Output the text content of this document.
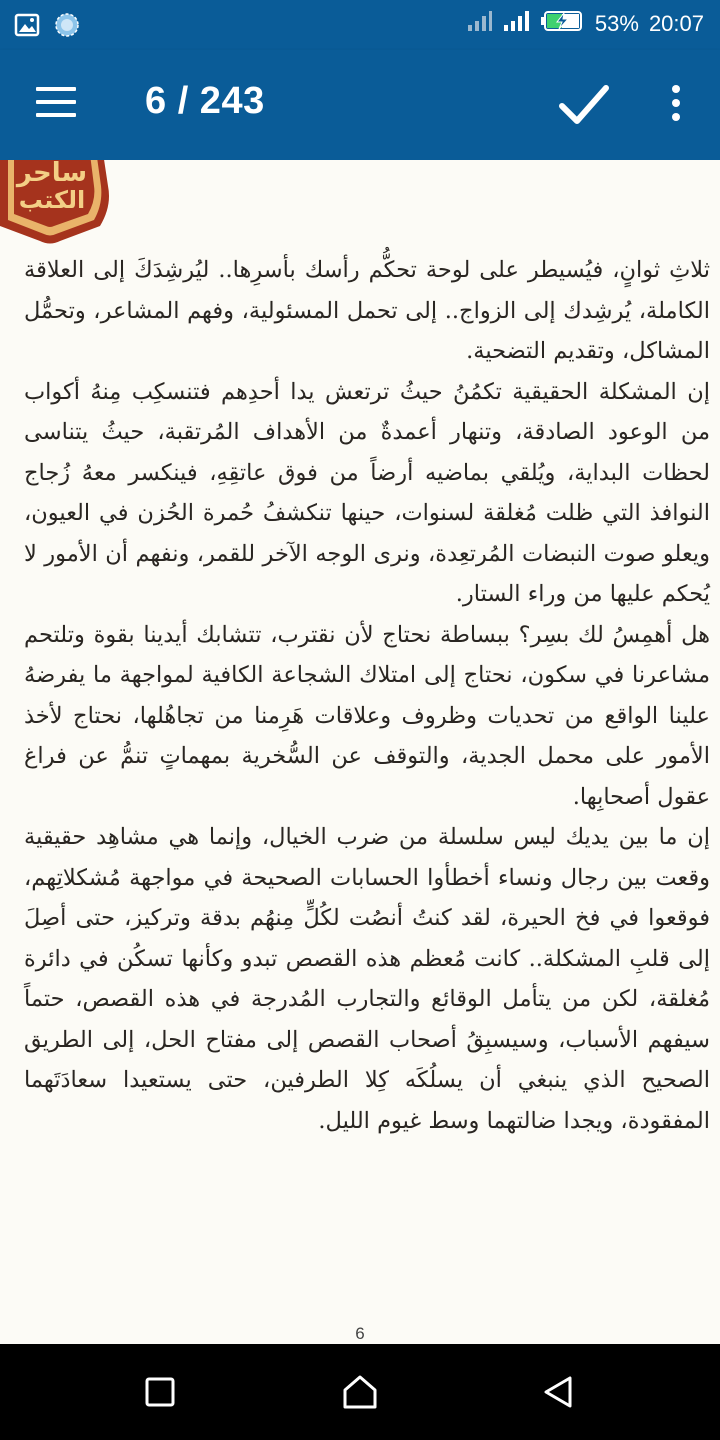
53% 20:07
6 / 243
ساحر
الكتب

ثلاثِ ثوانٍ، فيُسيطر على لوحة تحكُّم رأسك بأسرِها.. ليُرشِدَكَ إلى العلاقة الكاملة، يُرشِدك إلى الزواج.. إلى تحمل المسئولية، وفهم المشاعر، وتحمُّل المشاكل، وتقديم التضحية.

إن المشكلة الحقيقية تكمُنُ حيثُ ترتعش يدا أحدِهم فتنسكِب مِنهُ أكواب من الوعود الصادقة، وتنهار أعمدةٌ من الأهداف المُرتقبة، حيثُ يتناسى لحظات البداية، ويُلقي بماضيه أرضاً من فوق عاتقِهِ، فينكسر معهُ زُجاج النوافذ التي ظلت مُغلقة لسنوات، حينها تنكشفُ حُمرة الحُزن في العيون، ويعلو صوت النبضات المُرتعِدة، ونرى الوجه الآخر للقمر، ونفهم أن الأمور لا يُحكم عليها من وراء الستار.

هل أهمِسُ لك بسِر؟ ببساطة نحتاج لأن نقترب، تتشابك أيدينا بقوة وتلتحم مشاعرنا في سكون، نحتاج إلى امتلاك الشجاعة الكافية لمواجهة ما يفرضهُ علينا الواقع من تحديات وظروف وعلاقات هَرِمنا من تجاهُلها، نحتاج لأخذ الأمور على محمل الجدية، والتوقف عن السُّخرية بمهماتٍ تنمُّ عن فراغ عقول أصحابِها.

إن ما بين يديك ليس سلسلة من ضرب الخيال، وإنما هي مشاهِد حقيقية وقعت بين رجال ونساء أخطأوا الحسابات الصحيحة في مواجهة مُشكلاتِهم، فوقعوا في فخ الحيرة، لقد كنتُ أنصُت لكُلٍّ مِنهُم بدقة وتركيز، حتى أصِلَ إلى قلبِ المشكلة.. كانت مُعظم هذه القصص تبدو وكأنها تسكُن في دائرة مُغلقة، لكن من يتأمل الوقائع والتجارب المُدرجة في هذه القصص، حتماً سيفهم الأسباب، وسيسبِقُ أصحاب القصص إلى مفتاح الحل، إلى الطريق الصحيح الذي ينبغي أن يسلُكَه كِلا الطرفين، حتى يستعيدا سعادَتَهما المفقودة، ويجدا ضالتهما وسط غيوم الليل.

6
